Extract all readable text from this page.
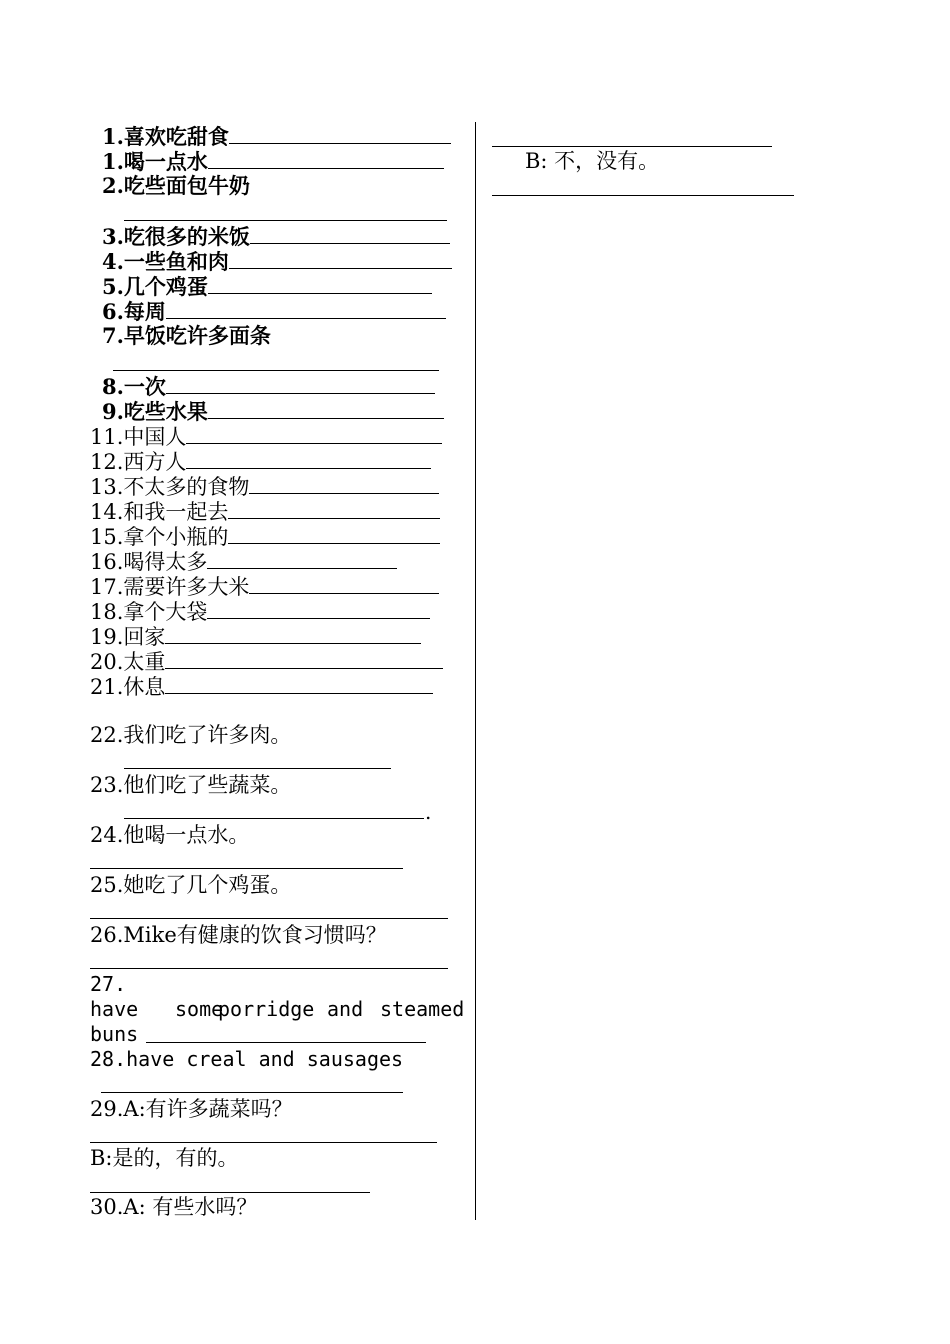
1.喜欢吃甜食
1.喝一点水
2.吃些面包牛奶
3.吃很多的米饭
4.一些鱼和肉
5.几个鸡蛋
6.每周
7.早饭吃许多面条
8.一次
9.吃些水果
11.中国人
12.西方人
13.不太多的食物
14.和我一起去
15.拿个小瓶的
16.喝得太多
17.需要许多大米
18.拿个大袋
19.回家
20.太重
21.休息
22.我们吃了许多肉。
23.他们吃了些蔬菜。
.
24.他喝一点水。
25.她吃了几个鸡蛋。
26.Mike有健康的饮食习惯吗？
27.
have some
porridge and steamed
buns
28.have creal and sausages
29.A:有许多蔬菜吗？
B:是的，有的。
30.A: 有些水吗？
B: 不，没有。
